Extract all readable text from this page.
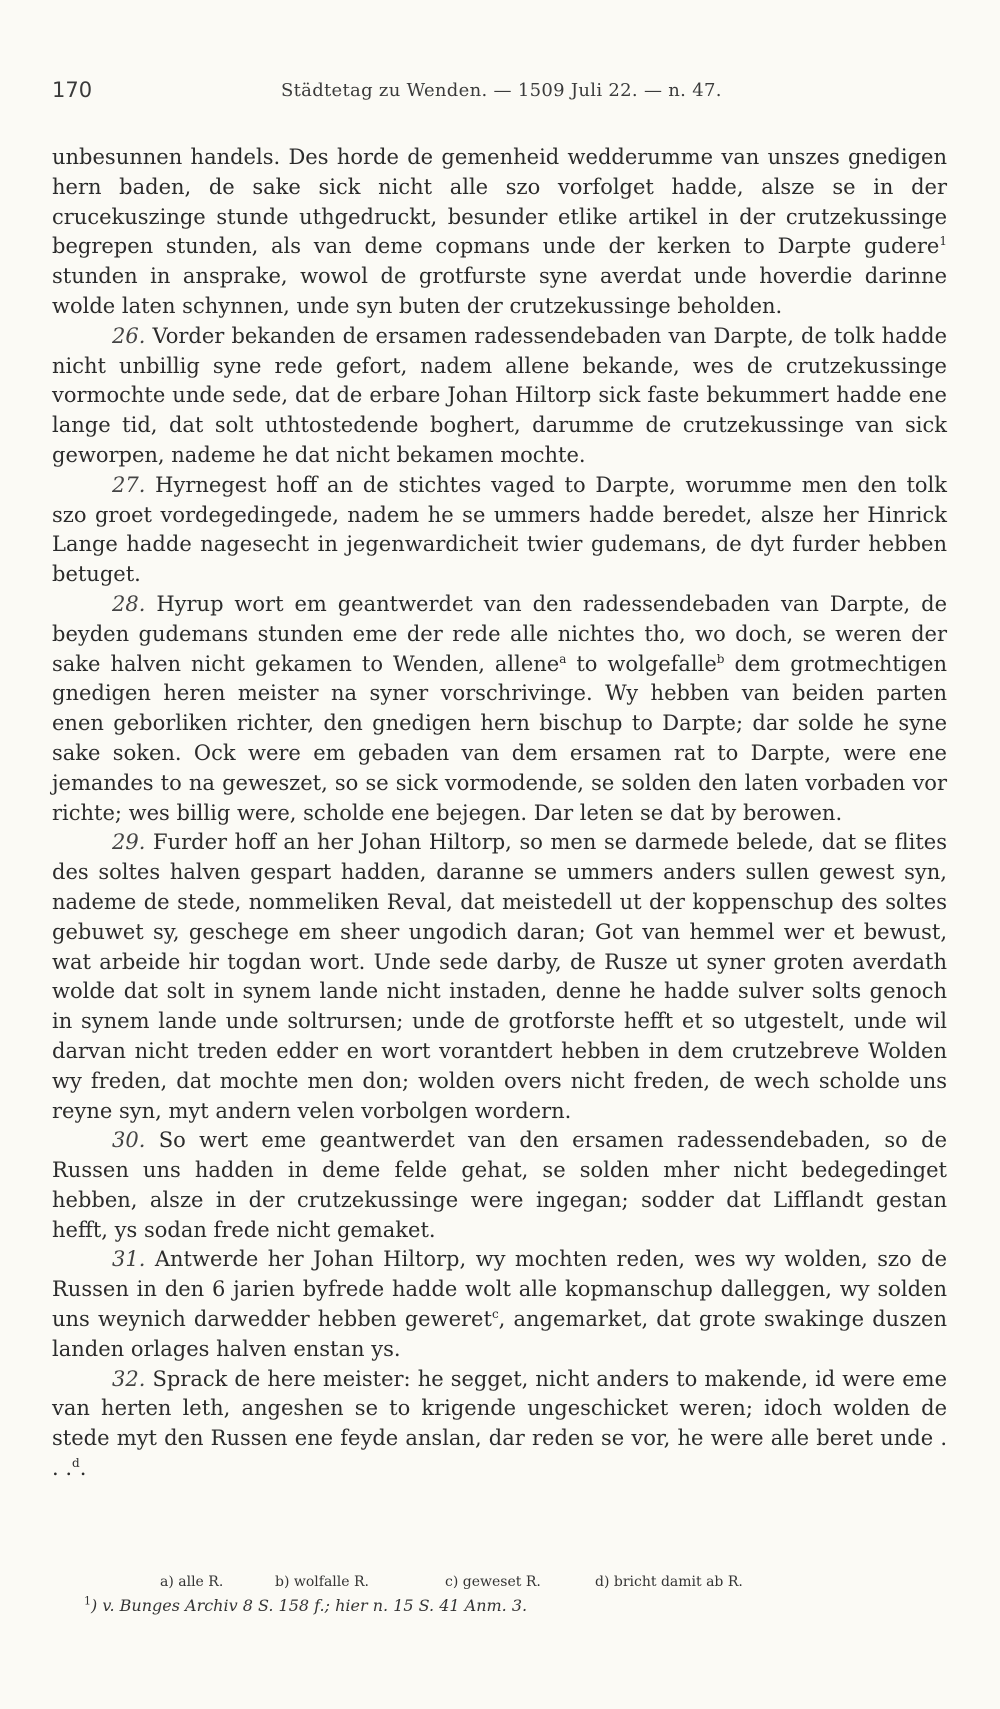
170	Städtetag zu Wenden. — 1509 Juli 22. — n. 47.

unbesunnen handels. Des horde de gemenheid wedderumme van unszes gnedigen hern baden, de sake sick nicht alle szo vorfolget hadde, alsze se in der crucekuszinge stunde uthgedruckt, besunder etlike artikel in der crutzekussinge begrepen stunden, als van deme copmans unde der kerken to Darpte gudere$^1$ stunden in ansprake, wowol de grotfurste syne averdat unde hoverdie darinne wolde laten schynnen, unde syn buten der crutzekussinge beholden.

26. Vorder bekanden de ersamen radessendebaden van Darpte, de tolk hadde nicht unbillig syne rede gefort, nadem allene bekande, wes de crutzekussinge vormochte unde sede, dat de erbare Johan Hiltorp sick faste bekummert hadde ene lange tid, dat solt uthtostedende boghert, darumme de crutzekussinge van sick geworpen, nademe he dat nicht bekamen mochte.

27. Hyrnegest hoff an de stichtes vaged to Darpte, worumme men den tolk szo groet vordegedingede, nadem he se ummers hadde beredet, alsze her Hinrick Lange hadde nagesecht in jegenwardicheit twier gudemans, de dyt furder hebben betuget.

28. Hyrup wort em geantwerdet van den radessendebaden van Darpte, de beyden gudemans stunden eme der rede alle nichtes tho, wo doch, se weren der sake halven nicht gekamen to Wenden, allene$^a$ to wolgefalle$^b$ dem grotmechtigen gnedigen heren meister na syner vorschrivinge. Wy hebben van beiden parten enen geborliken richter, den gnedigen hern bischup to Darpte; dar solde he syne sake soken. Ock were em gebaden van dem ersamen rat to Darpte, were ene jemandes to na geweszet, so se sick vormodende, se solden den laten vorbaden vor richte; wes billig were, scholde ene bejegen. Dar leten se dat by berowen.

29. Furder hoff an her Johan Hiltorp, so men se darmede belede, dat se flites des soltes halven gespart hadden, daranne se ummers anders sullen gewest syn, nademe de stede, nommeliken Reval, dat meistedell ut der koppenschup des soltes gebuwet sy, geschege em sheer ungodich daran; Got van hemmel wer et bewust, wat arbeide hir togdan wort. Unde sede darby, de Rusze ut syner groten averdath wolde dat solt in synem lande nicht instaden, denne he hadde sulver solts genoch in synem lande unde soltrursen; unde de grotforste hefft et so utgestelt, unde wil darvan nicht treden edder en wort vorantdert hebben in dem crutzebreve Wolden wy freden, dat mochte men don; wolden overs nicht freden, de wech scholde uns reyne syn, myt andern velen vorbolgen wordern.

30. So wert eme geantwerdet van den ersamen radessendebaden, so de Russen uns hadden in deme felde gehat, se solden mher nicht bedegedinget hebben, alsze in der crutzekussinge were ingegan; sodder dat Lifflandt gestan hefft, ys sodan frede nicht gemaket.

31. Antwerde her Johan Hiltorp, wy mochten reden, wes wy wolden, szo de Russen in den 6 jarien byfrede hadde wolt alle kopmanschup dalleggen, wy solden uns weynich darwedder hebben geweret$^c$, angemarket, dat grote swakinge duszen landen orlages halven enstan ys.

32. Sprack de here meister: he segget, nicht anders to makende, id were eme van herten leth, angeshen se to krigende ungeschicket weren; idoch wolden de stede myt den Russen ene feyde anslan, dar reden se vor, he were alle beret unde . . .$^d$.

a) alle R.	b) wolfalle R.	c) geweset R.	d) bricht damit ab R.
$^1$) v. Bunges Archiv 8 S. 158 f.; hier n. 15 S. 41 Anm. 3.
